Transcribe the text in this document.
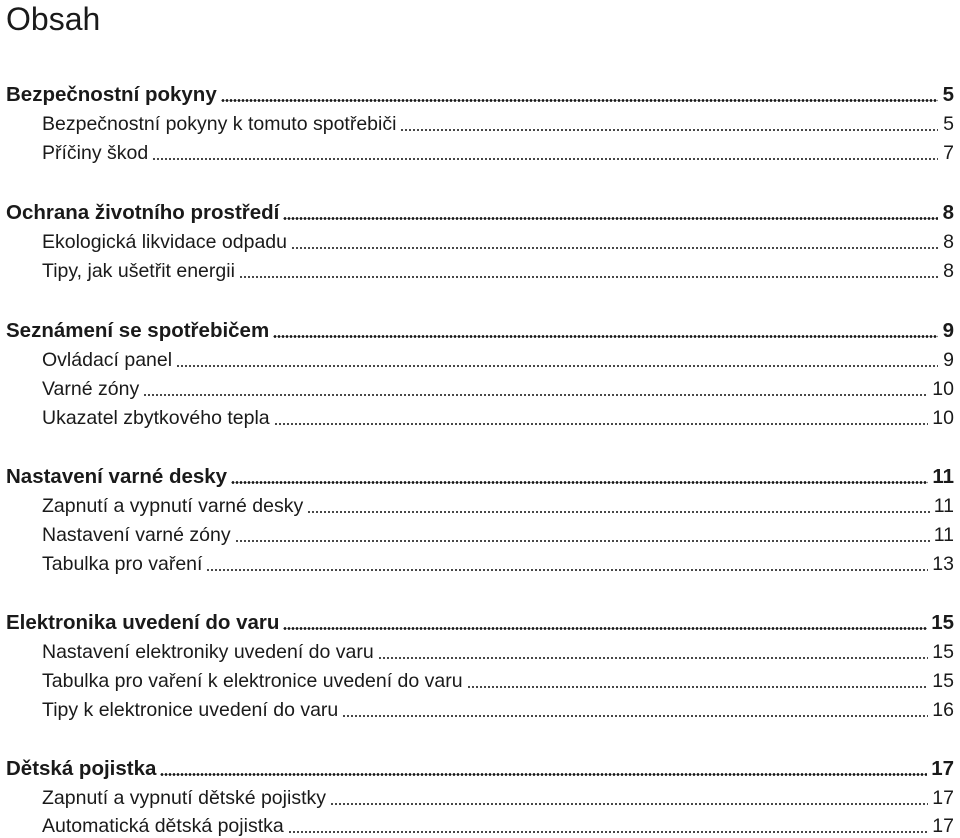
Obsah
Bezpečnostní pokyny	5
Bezpečnostní pokyny k tomuto spotřebiči	5
Příčiny škod	7
Ochrana životního prostředí	8
Ekologická likvidace odpadu	8
Tipy, jak ušetřit energii	8
Seznámení se spotřebičem	9
Ovládací panel	9
Varné zóny	10
Ukazatel zbytkového tepla	10
Nastavení varné desky	11
Zapnutí a vypnutí varné desky	11
Nastavení varné zóny	11
Tabulka pro vaření	13
Elektronika uvedení do varu	15
Nastavení elektroniky uvedení do varu	15
Tabulka pro vaření k elektronice uvedení do varu	15
Tipy k elektronice uvedení do varu	16
Dětská pojistka	17
Zapnutí a vypnutí dětské pojistky	17
Automatická dětská pojistka	17
